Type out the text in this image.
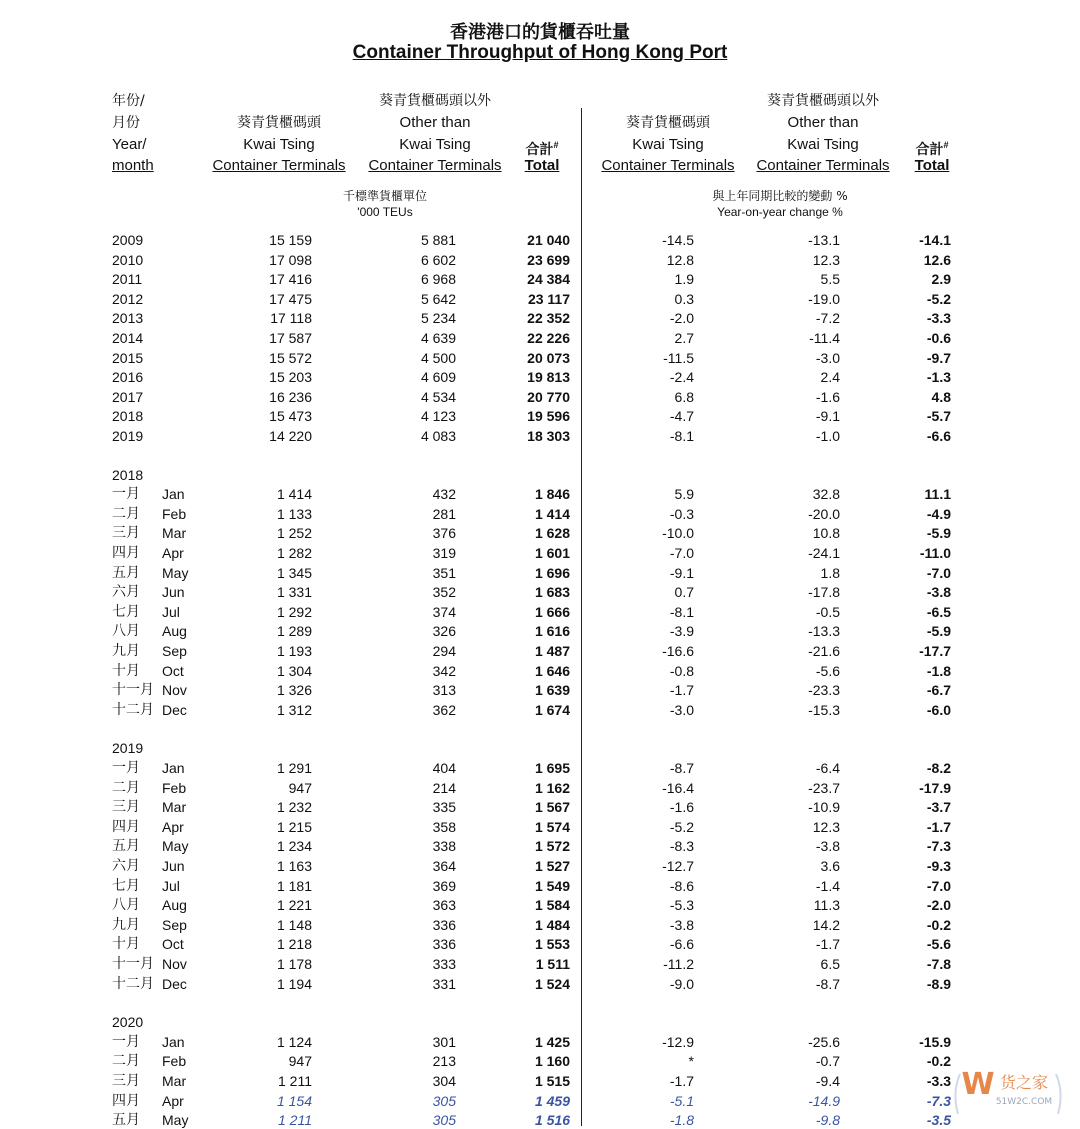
香港港口的貨櫃吞吐量
Container Throughput of Hong Kong Port
年份/
月份
Year/
month
葵青貨櫃碼頭
Kwai Tsing
Container Terminals
葵青貨櫃碼頭以外
Other than
Kwai Tsing
Container Terminals
合計#
Total
千標準貨櫃單位
'000 TEUs
葵青貨櫃碼頭
Kwai Tsing
Container Terminals
葵青貨櫃碼頭以外
Other than
Kwai Tsing
Container Terminals
合計#
Total
與上年同期比較的變動 %
Year-on-year change %
2009	15 159	5 881	21 040	-14.5	-13.1	-14.1
2010	17 098	6 602	23 699	12.8	12.3	12.6
2011	17 416	6 968	24 384	1.9	5.5	2.9
2012	17 475	5 642	23 117	0.3	-19.0	-5.2
2013	17 118	5 234	22 352	-2.0	-7.2	-3.3
2014	17 587	4 639	22 226	2.7	-11.4	-0.6
2015	15 572	4 500	20 073	-11.5	-3.0	-9.7
2016	15 203	4 609	19 813	-2.4	2.4	-1.3
2017	16 236	4 534	20 770	6.8	-1.6	4.8
2018	15 473	4 123	19 596	-4.7	-9.1	-5.7
2019	14 220	4 083	18 303	-8.1	-1.0	-6.6
2018
一月 Jan	1 414	432	1 846	5.9	32.8	11.1
二月 Feb	1 133	281	1 414	-0.3	-20.0	-4.9
三月 Mar	1 252	376	1 628	-10.0	10.8	-5.9
四月 Apr	1 282	319	1 601	-7.0	-24.1	-11.0
五月 May	1 345	351	1 696	-9.1	1.8	-7.0
六月 Jun	1 331	352	1 683	0.7	-17.8	-3.8
七月 Jul	1 292	374	1 666	-8.1	-0.5	-6.5
八月 Aug	1 289	326	1 616	-3.9	-13.3	-5.9
九月 Sep	1 193	294	1 487	-16.6	-21.6	-17.7
十月 Oct	1 304	342	1 646	-0.8	-5.6	-1.8
十一月 Nov	1 326	313	1 639	-1.7	-23.3	-6.7
十二月 Dec	1 312	362	1 674	-3.0	-15.3	-6.0
2019
一月 Jan	1 291	404	1 695	-8.7	-6.4	-8.2
二月 Feb	947	214	1 162	-16.4	-23.7	-17.9
三月 Mar	1 232	335	1 567	-1.6	-10.9	-3.7
四月 Apr	1 215	358	1 574	-5.2	12.3	-1.7
五月 May	1 234	338	1 572	-8.3	-3.8	-7.3
六月 Jun	1 163	364	1 527	-12.7	3.6	-9.3
七月 Jul	1 181	369	1 549	-8.6	-1.4	-7.0
八月 Aug	1 221	363	1 584	-5.3	11.3	-2.0
九月 Sep	1 148	336	1 484	-3.8	14.2	-0.2
十月 Oct	1 218	336	1 553	-6.6	-1.7	-5.6
十一月 Nov	1 178	333	1 511	-11.2	6.5	-7.8
十二月 Dec	1 194	331	1 524	-9.0	-8.7	-8.9
2020
一月 Jan	1 124	301	1 425	-12.9	-25.6	-15.9
二月 Feb	947	213	1 160	*	-0.7	-0.2
三月 Mar	1 211	304	1 515	-1.7	-9.4	-3.3
四月 Apr	1 154	305	1 459	-5.1	-14.9	-7.3
五月 May	1 211	305	1 516	-1.8	-9.8	-3.5
W 货之家
51W2C.COM
